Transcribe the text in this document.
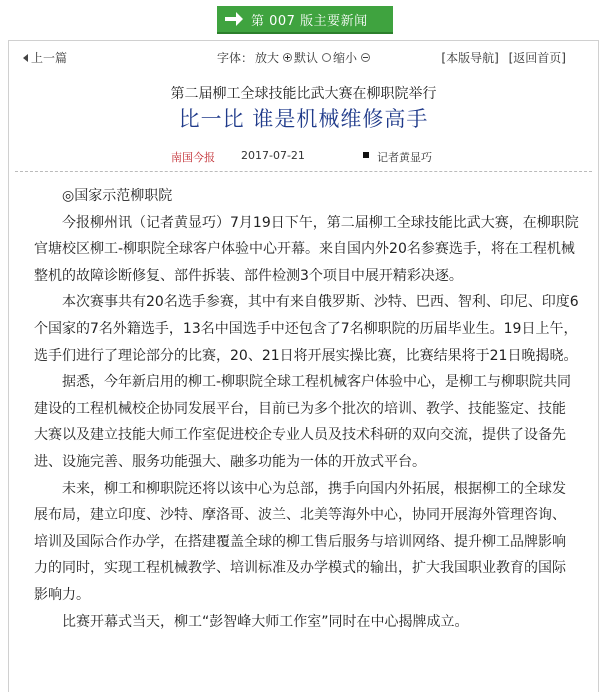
第 007 版主要新闻
上一篇	字体： 放大 默认 缩小	[本版导航] [返回首页]
第二届柳工全球技能比武大赛在柳职院举行
比一比 谁是机械维修高手
南国今报 2017-07-21	记者黄显巧

◎国家示范柳职院

今报柳州讯（记者黄显巧）7月19日下午，第二届柳工全球技能比武大赛，在柳职院官塘校区柳工-柳职院全球客户体验中心开幕。来自国内外20名参赛选手，将在工程机械整机的故障诊断修复、部件拆装、部件检测3个项目中展开精彩决逐。

本次赛事共有20名选手参赛，其中有来自俄罗斯、沙特、巴西、智利、印尼、印度6个国家的7名外籍选手，13名中国选手中还包含了7名柳职院的历届毕业生。19日上午，选手们进行了理论部分的比赛，20、21日将开展实操比赛，比赛结果将于21日晚揭晓。

据悉，今年新启用的柳工-柳职院全球工程机械客户体验中心，是柳工与柳职院共同建设的工程机械校企协同发展平台，目前已为多个批次的培训、教学、技能鉴定、技能大赛以及建立技能大师工作室促进校企专业人员及技术科研的双向交流，提供了设备先进、设施完善、服务功能强大、融多功能为一体的开放式平台。

未来，柳工和柳职院还将以该中心为总部，携手向国内外拓展，根据柳工的全球发展布局，建立印度、沙特、摩洛哥、波兰、北美等海外中心，协同开展海外管理咨询、培训及国际合作办学，在搭建覆盖全球的柳工售后服务与培训网络、提升柳工品牌影响力的同时，实现工程机械教学、培训标准及办学模式的输出，扩大我国职业教育的国际影响力。

比赛开幕式当天，柳工“彭智峰大师工作室”同时在中心揭牌成立。
